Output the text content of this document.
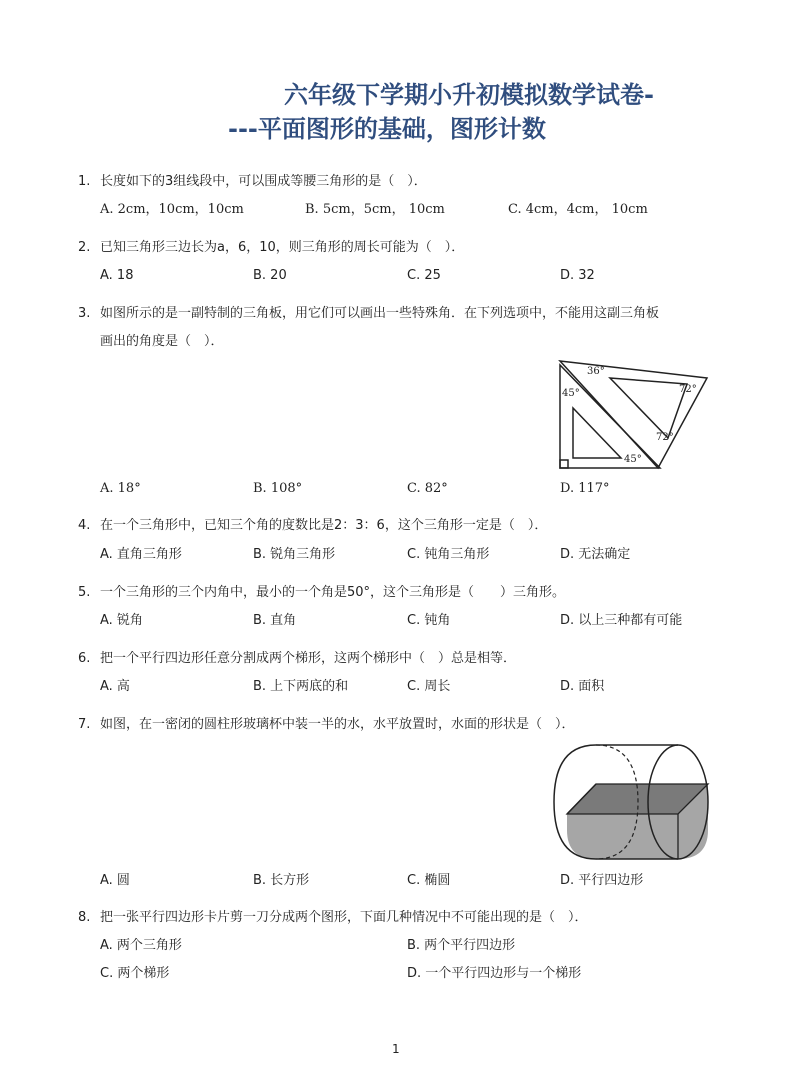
六年级下学期小升初模拟数学试卷-
---平面图形的基础，图形计数
1. 长度如下的3组线段中，可以围成等腰三角形的是（　）．
A. 2cm，10cm，10cm	B. 5cm，5cm， 10cm	C. 4cm，4cm， 10cm
2. 已知三角形三边长为a，6，10，则三角形的周长可能为（　）．
A. 18	B. 20	C. 25	D. 32
3. 如图所示的是一副特制的三角板，用它们可以画出一些特殊角．在下列选项中，不能用这副三角板
画出的角度是（　）．
36°
45°	72°
72°
45°
A. 18°	B. 108°	C. 82°	D. 117°
4. 在一个三角形中，已知三个角的度数比是2：3：6，这个三角形一定是（　）．
A. 直角三角形	B. 锐角三角形	C. 钝角三角形	D. 无法确定
5. 一个三角形的三个内角中，最小的一个角是50°，这个三角形是（　　）三角形。
A. 锐角	B. 直角	C. 钝角	D. 以上三种都有可能
6. 把一个平行四边形任意分割成两个梯形，这两个梯形中（　）总是相等．
A. 高	B. 上下两底的和	C. 周长	D. 面积
7. 如图，在一密闭的圆柱形玻璃杯中装一半的水，水平放置时，水面的形状是（　）．
A. 圆	B. 长方形	C. 椭圆	D. 平行四边形
8. 把一张平行四边形卡片剪一刀分成两个图形，下面几种情况中不可能出现的是（　）．
A. 两个三角形	B. 两个平行四边形
C. 两个梯形	D. 一个平行四边形与一个梯形
1
